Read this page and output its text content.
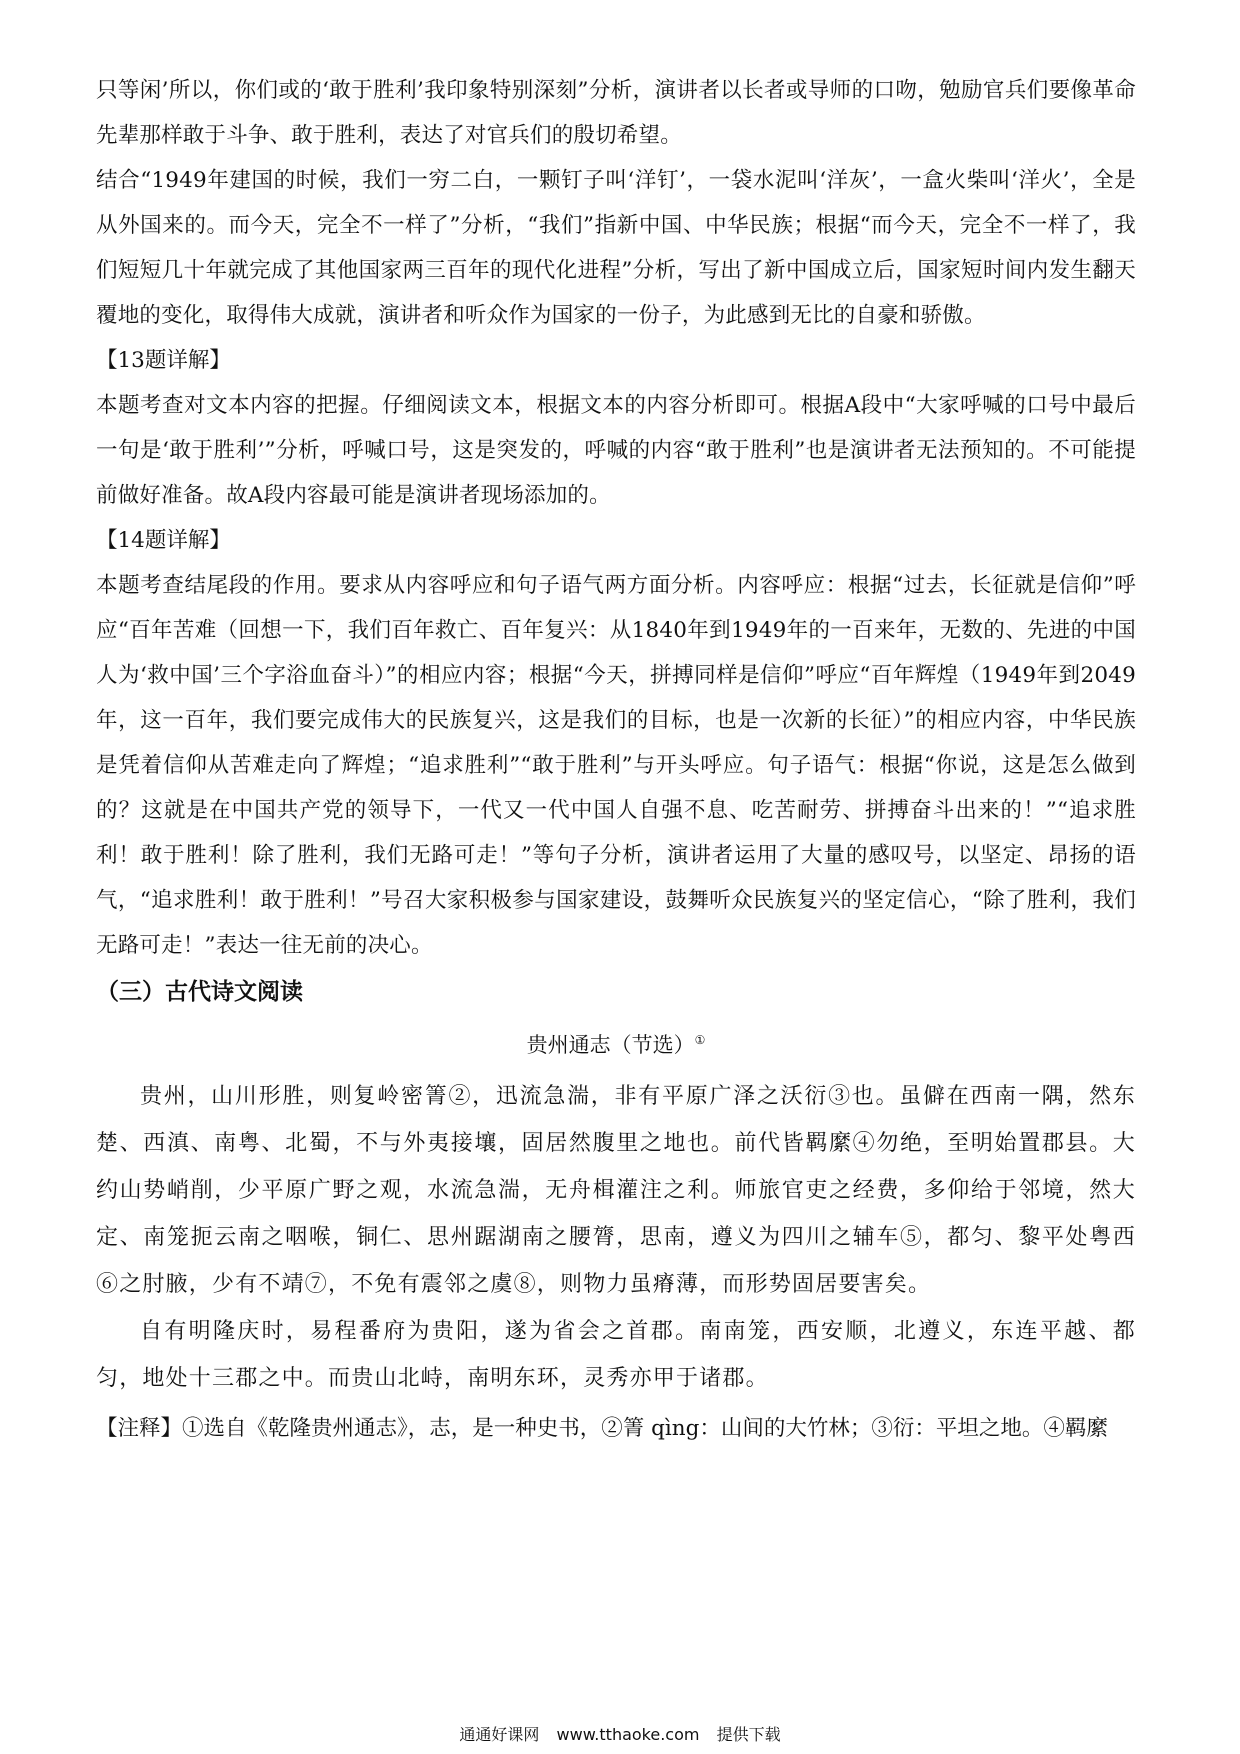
只等闲’所以，你们或的‘敢于胜利’我印象特别深刻”分析，演讲者以长者或导师的口吻，勉励官兵们要像革命先辈那样敢于斗争、敢于胜利，表达了对官兵们的殷切希望。

结合“1949年建国的时候，我们一穷二白，一颗钉子叫‘洋钉’，一袋水泥叫‘洋灰’，一盒火柴叫‘洋火’，全是从外国来的。而今天，完全不一样了”分析，“我们”指新中国、中华民族；根据“而今天，完全不一样了，我们短短几十年就完成了其他国家两三百年的现代化进程”分析，写出了新中国成立后，国家短时间内发生翻天覆地的变化，取得伟大成就，演讲者和听众作为国家的一份子，为此感到无比的自豪和骄傲。

【13题详解】

本题考查对文本内容的把握。仔细阅读文本，根据文本的内容分析即可。根据A段中“大家呼喊的口号中最后一句是‘敢于胜利’”分析，呼喊口号，这是突发的，呼喊的内容“敢于胜利”也是演讲者无法预知的。不可能提前做好准备。故A段内容最可能是演讲者现场添加的。

【14题详解】

本题考查结尾段的作用。要求从内容呼应和句子语气两方面分析。内容呼应：根据“过去，长征就是信仰”呼应“百年苦难（回想一下，我们百年救亡、百年复兴：从1840年到1949年的一百来年，无数的、先进的中国人为‘救中国’三个字浴血奋斗）”的相应内容；根据“今天，拼搏同样是信仰”呼应“百年辉煌（1949年到2049年，这一百年，我们要完成伟大的民族复兴，这是我们的目标，也是一次新的长征）”的相应内容，中华民族是凭着信仰从苦难走向了辉煌；“追求胜利”“敢于胜利”与开头呼应。句子语气：根据“你说，这是怎么做到的？这就是在中国共产党的领导下，一代又一代中国人自强不息、吃苦耐劳、拼搏奋斗出来的！”“追求胜利！敢于胜利！除了胜利，我们无路可走！”等句子分析，演讲者运用了大量的感叹号，以坚定、昂扬的语气，“追求胜利！敢于胜利！”号召大家积极参与国家建设，鼓舞听众民族复兴的坚定信心，“除了胜利，我们无路可走！”表达一往无前的决心。

（三）古代诗文阅读

贵州通志（节选）①

贵州，山川形胜，则复岭密箐②，迅流急湍，非有平原广泽之沃衍③也。虽僻在西南一隅，然东楚、西滇、南粤、北蜀，不与外夷接壤，固居然腹里之地也。前代皆羁縻④勿绝，至明始置郡县。大约山势峭削，少平原广野之观，水流急湍，无舟楫灌注之利。师旅官吏之经费，多仰给于邻境，然大定、南笼扼云南之咽喉，铜仁、思州踞湖南之腰膂，思南，遵义为四川之辅车⑤，都匀、黎平处粤西⑥之肘腋，少有不靖⑦，不免有震邻之虞⑧，则物力虽瘠薄，而形势固居要害矣。

自有明隆庆时，易程番府为贵阳，遂为省会之首郡。南南笼，西安顺，北遵义，东连平越、都匀，地处十三郡之中。而贵山北峙，南明东环，灵秀亦甲于诸郡。

【注释】①选自《乾隆贵州通志》，志，是一种史书，②箐 qìng：山间的大竹林；③衍：平坦之地。④羁縻

通通好课网 www.tthaoke.com 提供下载
